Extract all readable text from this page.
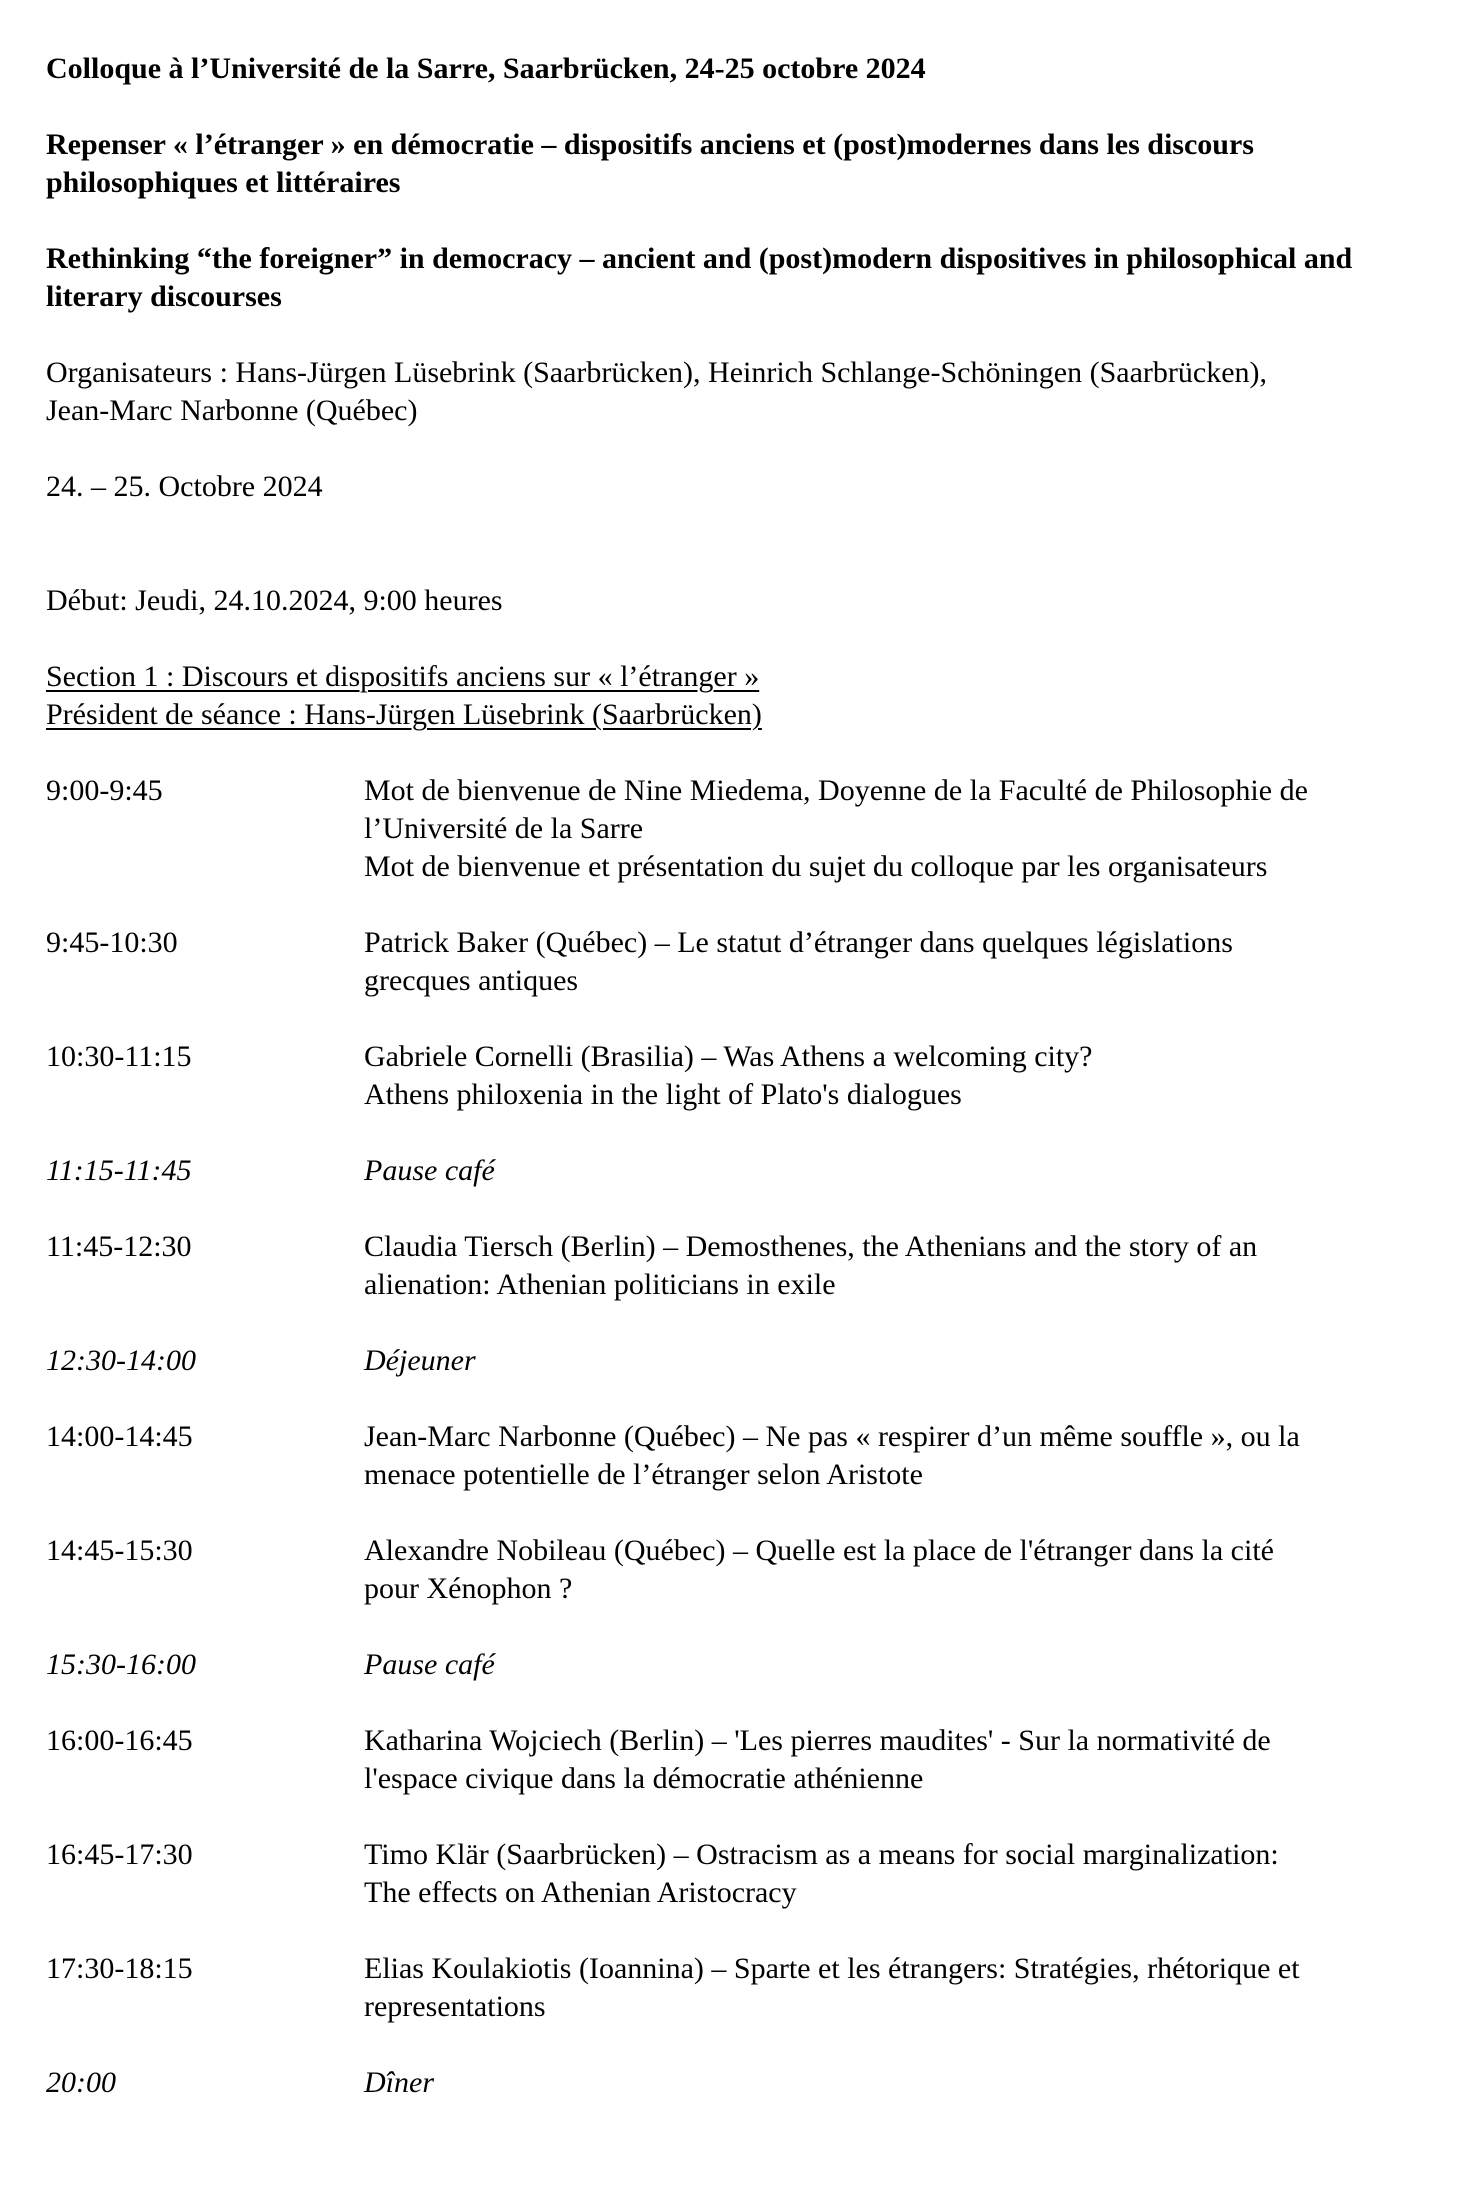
Colloque à l’Université de la Sarre, Saarbrücken, 24-25 octobre 2024

Repenser « l’étranger » en démocratie – dispositifs anciens et (post)modernes dans les discours philosophiques et littéraires

Rethinking “the foreigner” in democracy – ancient and (post)modern dispositives in philosophical and literary discourses

Organisateurs : Hans-Jürgen Lüsebrink (Saarbrücken), Heinrich Schlange-Schöningen (Saarbrücken),

Jean-Marc Narbonne (Québec)

24. – 25. Octobre 2024

Début: Jeudi, 24.10.2024, 9:00 heures

Section 1 : Discours et dispositifs anciens sur « l’étranger »

Président de séance : Hans-Jürgen Lüsebrink (Saarbrücken)

9:00-9:45	Mot de bienvenue de Nine Miedema, Doyenne de la Faculté de Philosophie de

l’Université de la Sarre

Mot de bienvenue et présentation du sujet du colloque par les organisateurs

9:45-10:30	Patrick Baker (Québec) – Le statut d’étranger dans quelques législations

grecques antiques

10:30-11:15	Gabriele Cornelli (Brasilia) – Was Athens a welcoming city?

Athens philoxenia in the light of Plato's dialogues

11:15-11:45	Pause café

11:45-12:30	Claudia Tiersch (Berlin) – Demosthenes, the Athenians and the story of an

alienation: Athenian politicians in exile

12:30-14:00	Déjeuner

14:00-14:45	Jean-Marc Narbonne (Québec) – Ne pas « respirer d’un même souffle », ou la

menace potentielle de l’étranger selon Aristote

14:45-15:30	Alexandre Nobileau (Québec) – Quelle est la place de l'étranger dans la cité

pour Xénophon ?

15:30-16:00	Pause café

16:00-16:45	Katharina Wojciech (Berlin) – 'Les pierres maudites' - Sur la normativité de

l'espace civique dans la démocratie athénienne

16:45-17:30	Timo Klär (Saarbrücken) – Ostracism as a means for social marginalization:

The effects on Athenian Aristocracy

17:30-18:15	Elias Koulakiotis (Ioannina) – Sparte et les étrangers: Stratégies, rhétorique et

representations

20:00	Dîner
